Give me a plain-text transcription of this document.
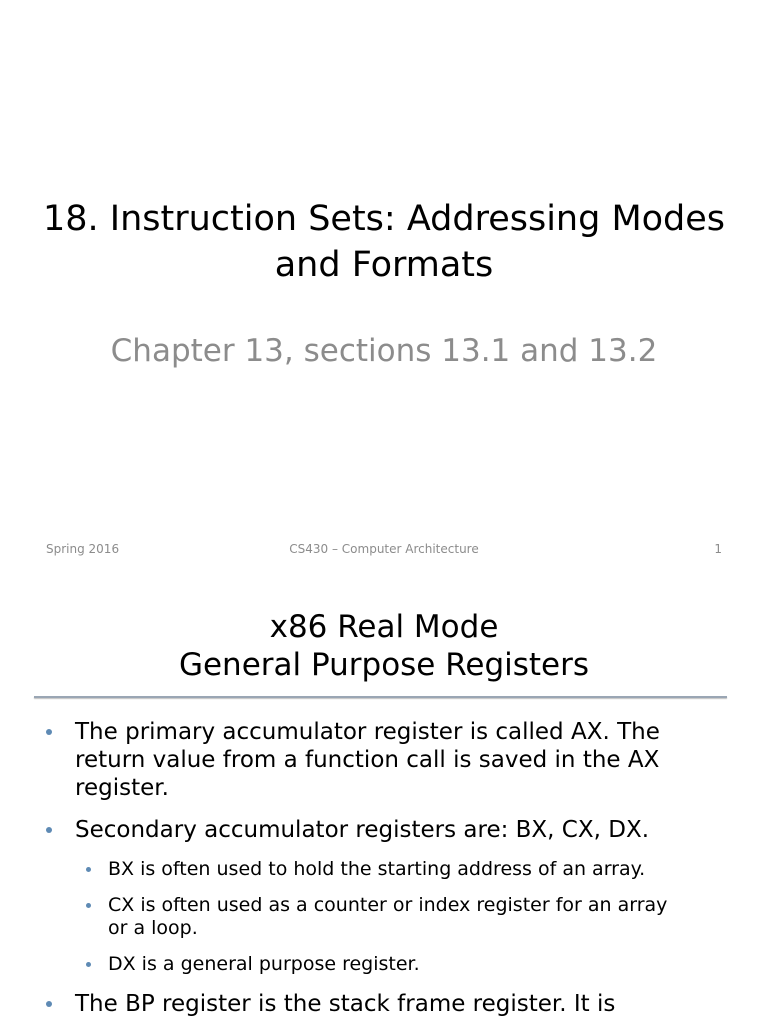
18. Instruction Sets: Addressing Modes and Formats

Chapter 13, sections 13.1 and 13.2

Spring 2016	CS430 – Computer Architecture	1
x86 Real Mode
General Purpose Registers
The primary accumulator register is called AX. The return value from a function call is saved in the AX register.
Secondary accumulator registers are: BX, CX, DX.
BX is often used to hold the starting address of an array.
CX is often used as a counter or index register for an array or a loop.
DX is a general purpose register.
The BP register is the stack frame register. It is
